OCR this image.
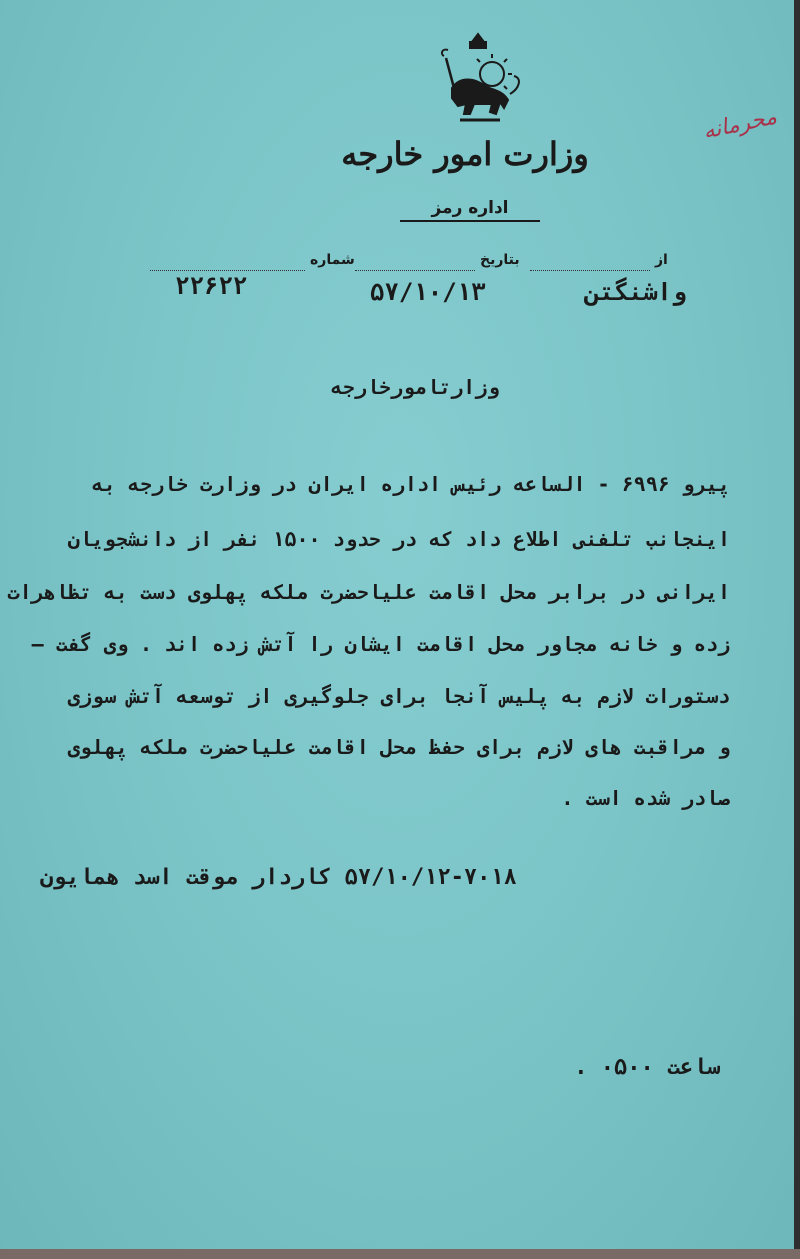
محرمانه
وزارت امور خارجه
اداره رمز
از
بتاریخ
شماره
واشنگتن
۵۷/۱۰/۱۳
۲۲۶۲۲
وزارتامورخارجه
پیرو ۶۹۹۶ - الساعه رئیس اداره ایران در وزارت خارجه به
اینجانب تلفنی اطلاع داد که در حدود ۱۵۰۰ نفر از دانشجویان
ایرانی در برابر محل اقامت علیاحضرت ملکه پهلوی دست به تظاهرات
زده و خانه مجاور محل اقامت ایشان را آتش زده اند . وی گفت —
دستورات لازم به پلیس آنجا برای جلوگیری از توسعه آتش سوزی
و مراقبت های لازم برای حفظ محل اقامت علیاحضرت ملکه پهلوی
صادر شده است .
۵۷/۱۰/۱۲-۷۰۱۸ کاردار موقت اسد همایون
ساعت ۰۵۰۰ .
